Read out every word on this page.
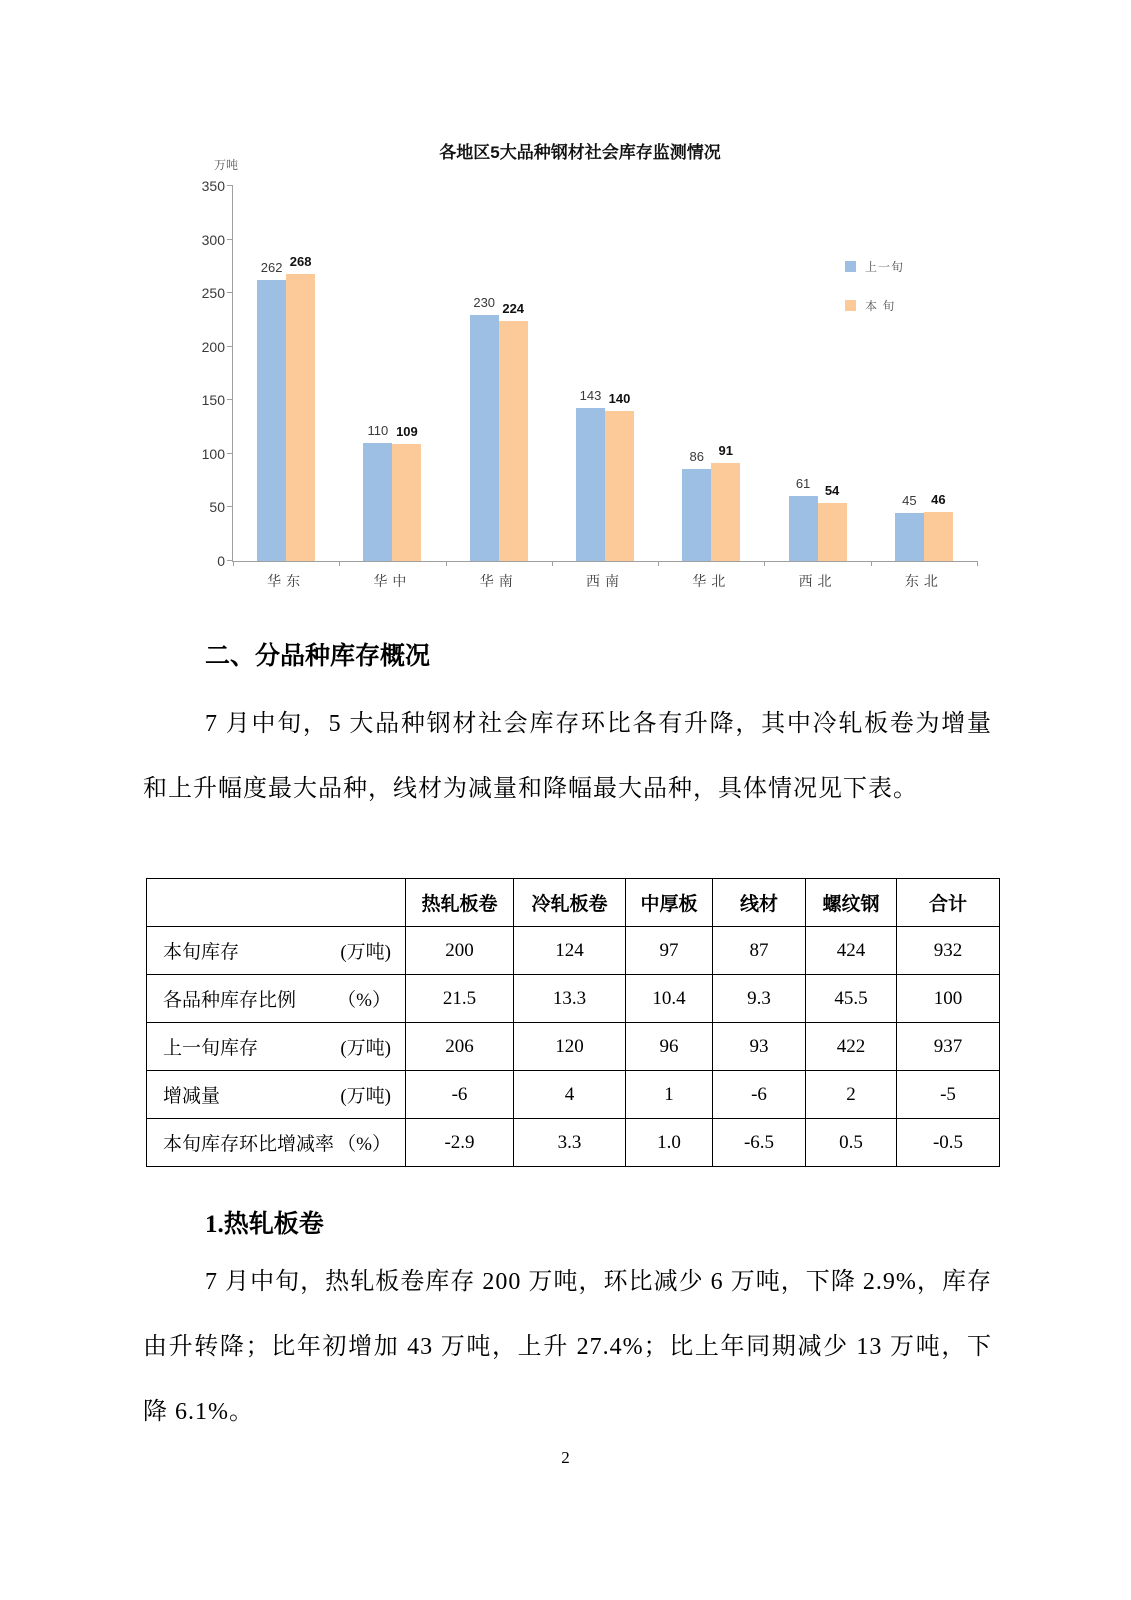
各地区5大品种钢材社会库存监测情况
万吨
0
50
100
150
200
250
300
350
262 268
华东
110 109
华中
230 224
华南
143 140
西南
86	91
华北
61	54
西北
45	46
东北
上一旬
本 旬
二、分品种库存概况

7 月中旬，5 大品种钢材社会库存环比各有升降，其中冷轧板卷为增量和上升幅度最大品种，线材为减量和降幅最大品种，具体情况见下表。

	热轧板卷	冷轧板卷	中厚板	线材	螺纹钢	合计

本旬库存 (万吨)	200	124	97	87	424	932

各品种库存比例 （%）	21.5	13.3	10.4	9.3	45.5	100

上一旬库存 (万吨)	206	120	96	93	422	937

增减量 (万吨)	-6	4	1	-6	2	-5

本旬库存环比增减率 （%）	-2.9	3.3	1.0	-6.5	0.5	-0.5
1.热轧板卷

7 月中旬，热轧板卷库存 200 万吨，环比减少 6 万吨，下降 2.9%，库存由升转降；比年初增加 43 万吨，上升 27.4%；比上年同期减少 13 万吨，下降 6.1%。

2
